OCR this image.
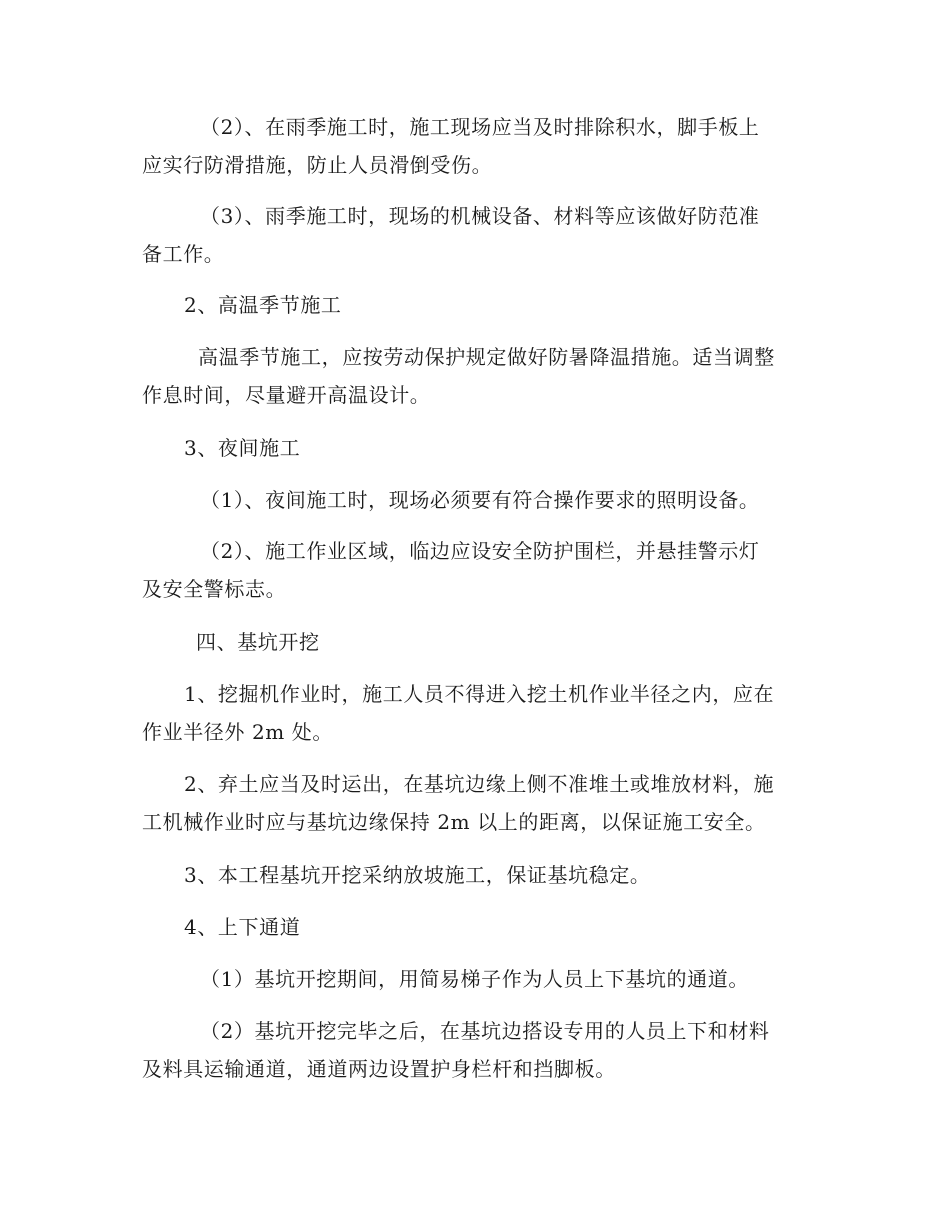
（2）、在雨季施工时，施工现场应当及时排除积水，脚手板上
应实行防滑措施，防止人员滑倒受伤。
（3）、雨季施工时，现场的机械设备、材料等应该做好防范准
备工作。
2、高温季节施工
高温季节施工，应按劳动保护规定做好防暑降温措施。适当调整
作息时间，尽量避开高温设计。
3、夜间施工
（1）、夜间施工时，现场必须要有符合操作要求的照明设备。
（2）、施工作业区域，临边应设安全防护围栏，并悬挂警示灯
及安全警标志。
四、基坑开挖
1、挖掘机作业时，施工人员不得进入挖土机作业半径之内，应在
作业半径外 2m 处。
2、弃土应当及时运出，在基坑边缘上侧不准堆土或堆放材料，施
工机械作业时应与基坑边缘保持 2m 以上的距离，以保证施工安全。
3、本工程基坑开挖采纳放坡施工，保证基坑稳定。
4、上下通道
（1）基坑开挖期间，用简易梯子作为人员上下基坑的通道。
（2）基坑开挖完毕之后，在基坑边搭设专用的人员上下和材料
及料具运输通道，通道两边设置护身栏杆和挡脚板。
